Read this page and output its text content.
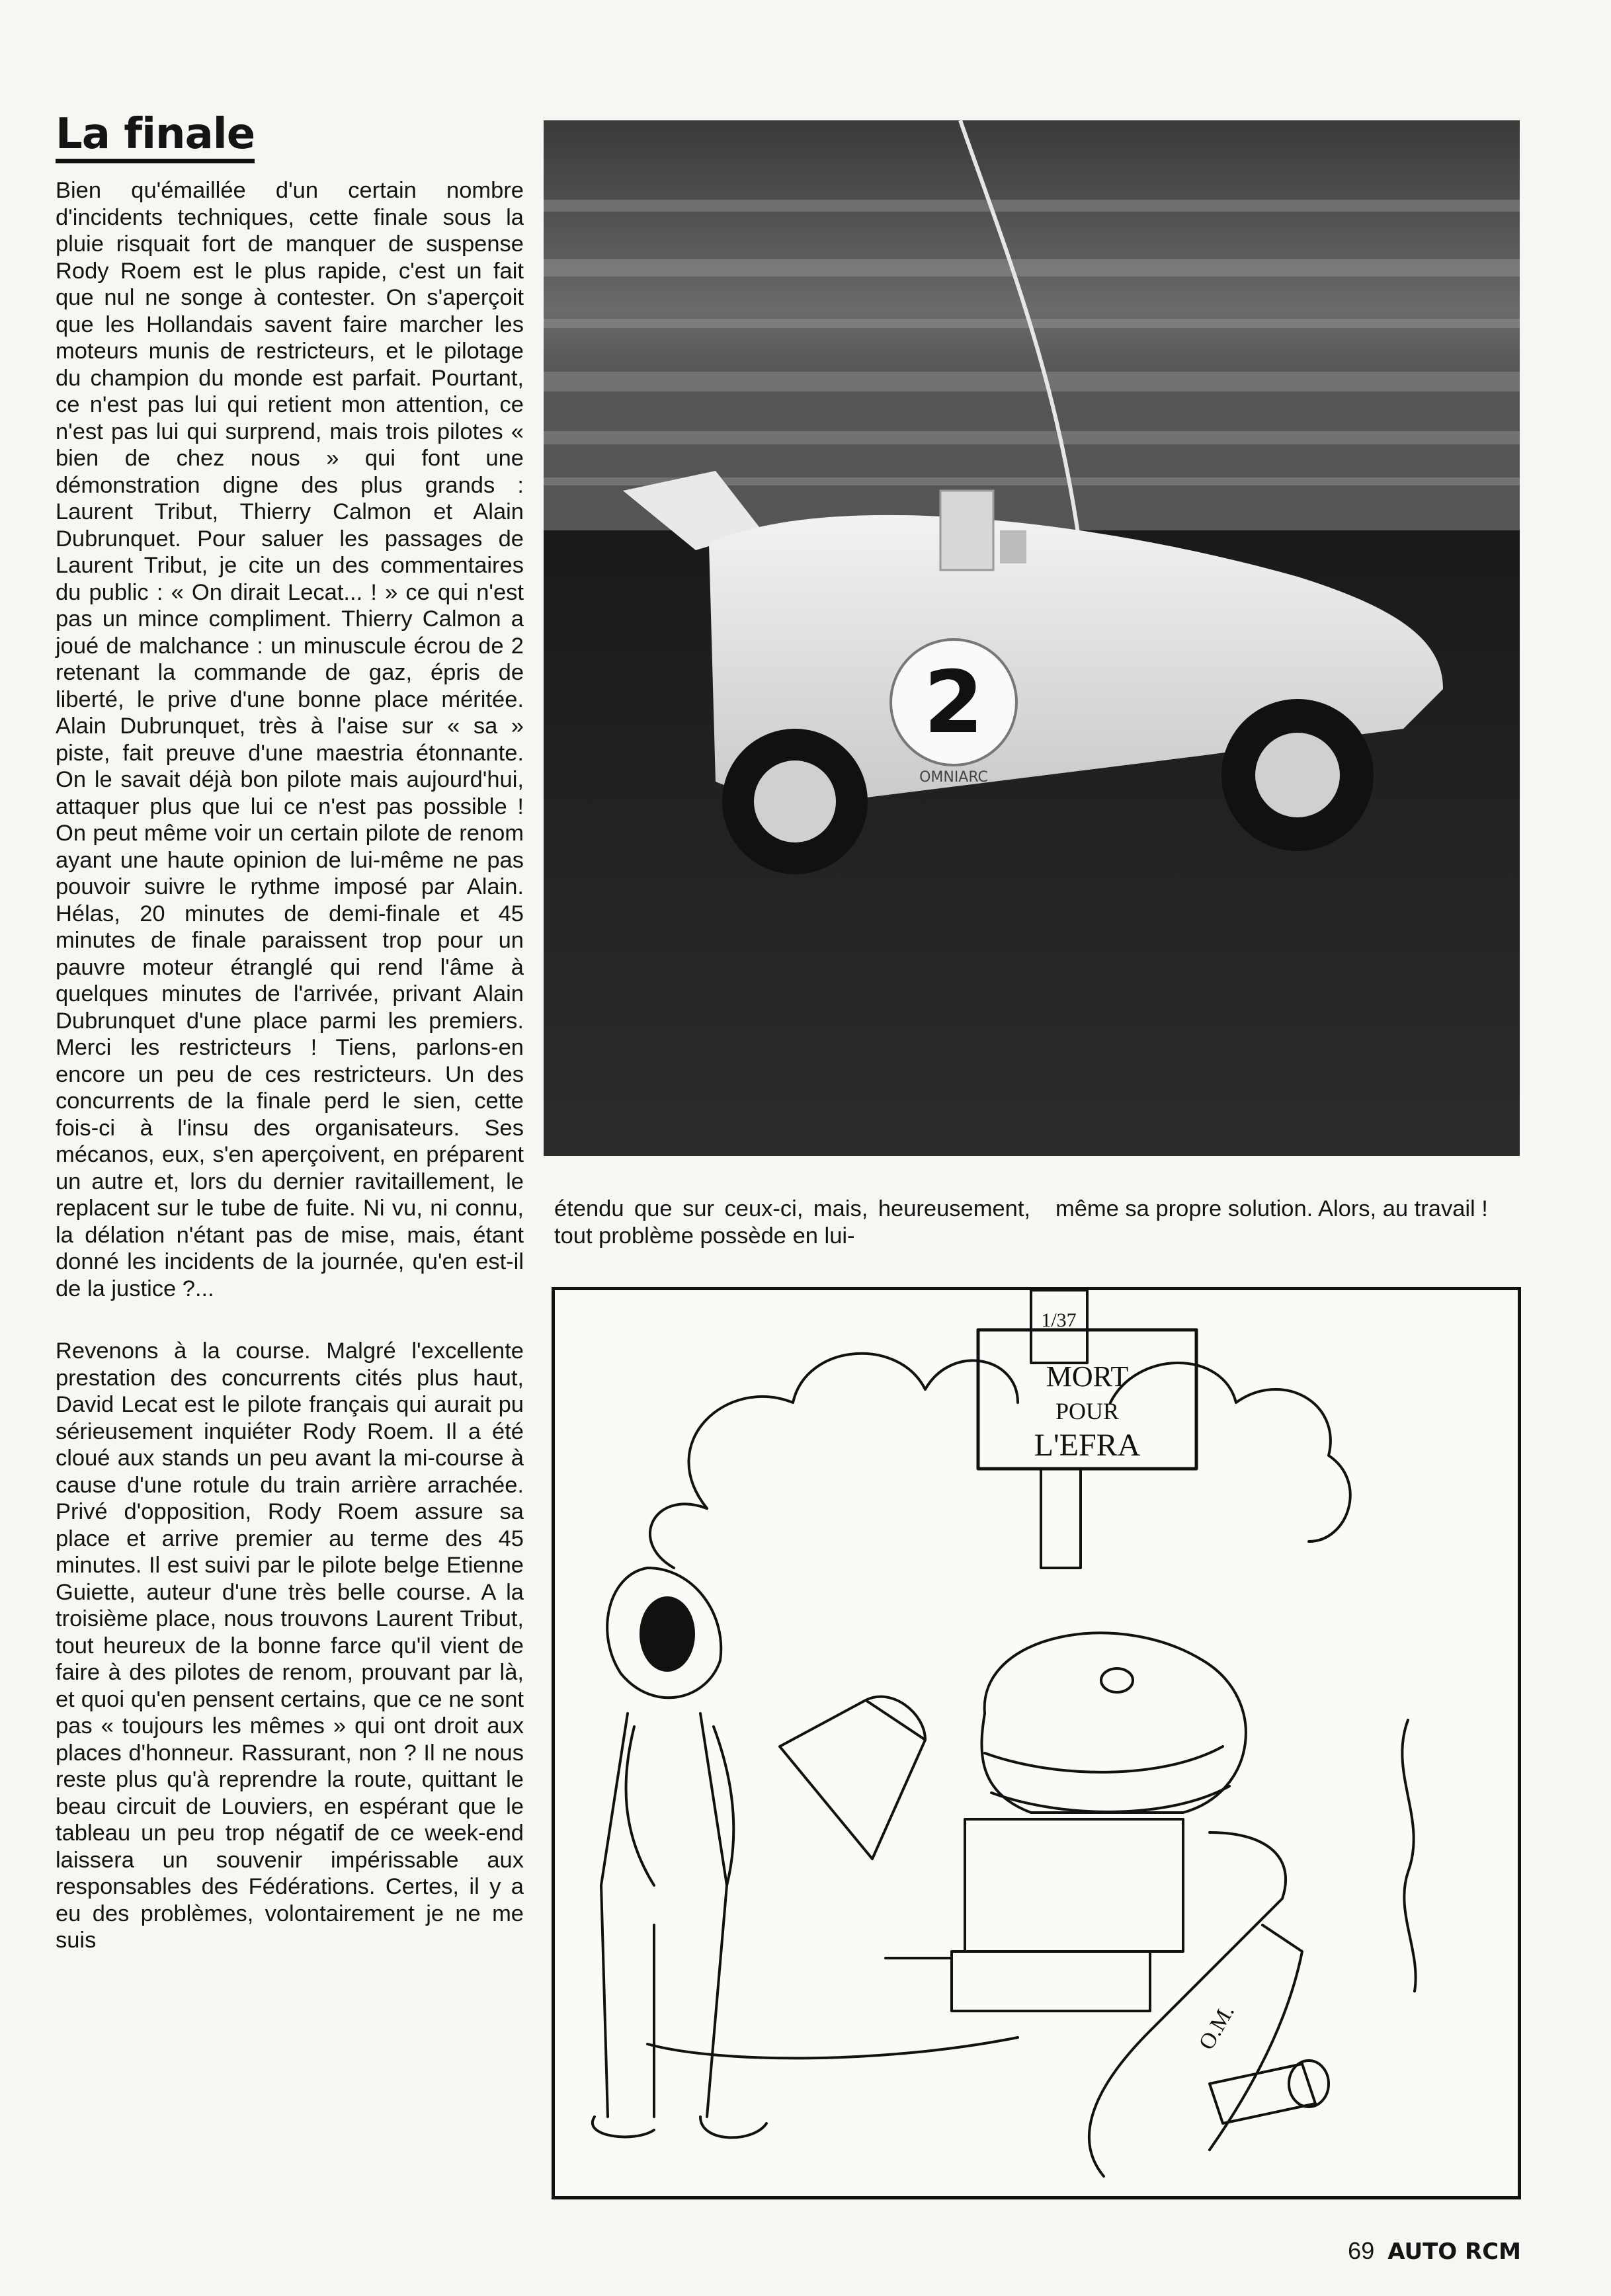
La finale

Bien qu'émaillée d'un certain nombre d'incidents techniques, cette finale sous la pluie risquait fort de manquer de suspense Rody Roem est le plus rapide, c'est un fait que nul ne songe à contester. On s'aperçoit que les Hollandais savent faire marcher les moteurs munis de restricteurs, et le pilotage du champion du monde est parfait. Pourtant, ce n'est pas lui qui retient mon attention, ce n'est pas lui qui surprend, mais trois pilotes « bien de chez nous » qui font une démonstration digne des plus grands : Laurent Tribut, Thierry Calmon et Alain Dubrunquet. Pour saluer les passages de Laurent Tribut, je cite un des commentaires du public : « On dirait Lecat... ! » ce qui n'est pas un mince compliment. Thierry Calmon a joué de malchance : un minuscule écrou de 2 retenant la commande de gaz, épris de liberté, le prive d'une bonne place méritée. Alain Dubrunquet, très à l'aise sur « sa » piste, fait preuve d'une maestria étonnante. On le savait déjà bon pilote mais aujourd'hui, attaquer plus que lui ce n'est pas possible ! On peut même voir un certain pilote de renom ayant une haute opinion de lui-même ne pas pouvoir suivre le rythme imposé par Alain. Hélas, 20 minutes de demi-finale et 45 minutes de finale paraissent trop pour un pauvre moteur étranglé qui rend l'âme à quelques minutes de l'arrivée, privant Alain Dubrunquet d'une place parmi les premiers. Merci les restricteurs ! Tiens, parlons-en encore un peu de ces restricteurs. Un des concurrents de la finale perd le sien, cette fois-ci à l'insu des organisateurs. Ses mécanos, eux, s'en aperçoivent, en préparent un autre et, lors du dernier ravitaillement, le replacent sur le tube de fuite. Ni vu, ni connu, la délation n'étant pas de mise, mais, étant donné les incidents de la journée, qu'en est-il de la justice ?...

Revenons à la course. Malgré l'excellente prestation des concurrents cités plus haut, David Lecat est le pilote français qui aurait pu sérieusement inquiéter Rody Roem. Il a été cloué aux stands un peu avant la mi-course à cause d'une rotule du train arrière arrachée. Privé d'opposition, Rody Roem assure sa place et arrive premier au terme des 45 minutes. Il est suivi par le pilote belge Etienne Guiette, auteur d'une très belle course. A la troisième place, nous trouvons Laurent Tribut, tout heureux de la bonne farce qu'il vient de faire à des pilotes de renom, prouvant par là, et quoi qu'en pensent certains, que ce ne sont pas « toujours les mêmes » qui ont droit aux places d'honneur. Rassurant, non ? Il ne nous reste plus qu'à reprendre la route, quittant le beau circuit de Louviers, en espérant que le tableau un peu trop négatif de ce week-end laissera un souvenir impérissable aux responsables des Fédérations. Certes, il y a eu des problèmes, volontairement je ne me suis

2
OMNIARC
étendu que sur ceux-ci, mais, heureusement, tout problème possède en lui-
même sa propre solution. Alors, au travail !
MORT
POUR
L'EFRA
1/37
O.M.
69 AUTO RCM
